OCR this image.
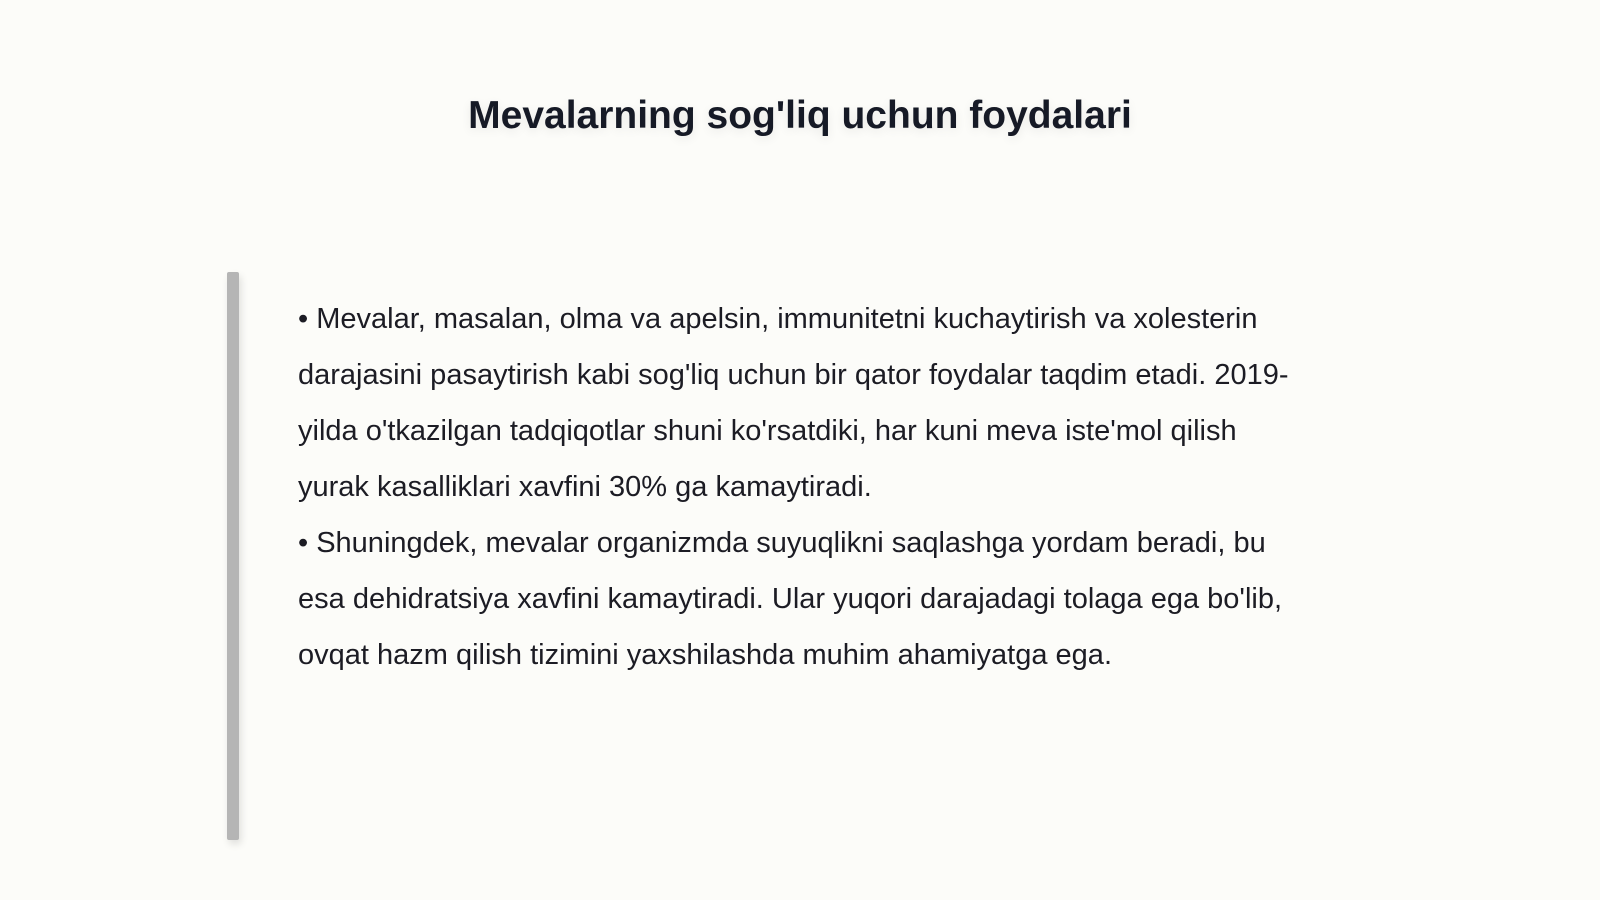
Mevalarning sog'liq uchun foydalari

• Mevalar, masalan, olma va apelsin, immunitetni kuchaytirish va xolesterin darajasini pasaytirish kabi sog'liq uchun bir qator foydalar taqdim etadi. 2019-yilda o'tkazilgan tadqiqotlar shuni ko'rsatdiki, har kuni meva iste'mol qilish yurak kasalliklari xavfini 30% ga kamaytiradi.

• Shuningdek, mevalar organizmda suyuqlikni saqlashga yordam beradi, bu esa dehidratsiya xavfini kamaytiradi. Ular yuqori darajadagi tolaga ega bo'lib, ovqat hazm qilish tizimini yaxshilashda muhim ahamiyatga ega.
